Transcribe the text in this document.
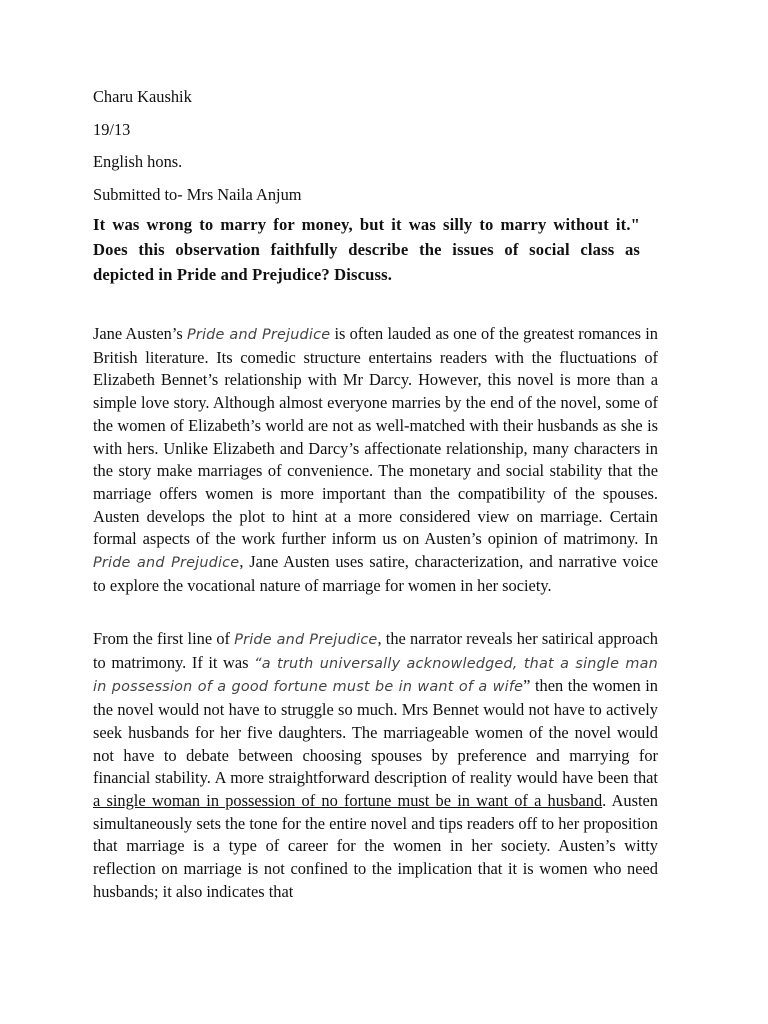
Charu Kaushik

19/13

English hons.

Submitted to- Mrs Naila Anjum

It was wrong to marry for money, but it was silly to marry without it." Does this observation faithfully describe the issues of social class as depicted in Pride and Prejudice? Discuss.

Jane Austen’s Pride and Prejudice is often lauded as one of the greatest romances in British literature. Its comedic structure entertains readers with the fluctuations of Elizabeth Bennet’s relationship with Mr Darcy. However, this novel is more than a simple love story. Although almost everyone marries by the end of the novel, some of the women of Elizabeth’s world are not as well-matched with their husbands as she is with hers. Unlike Elizabeth and Darcy’s affectionate relationship, many characters in the story make marriages of convenience. The monetary and social stability that the marriage offers women is more important than the compatibility of the spouses. Austen develops the plot to hint at a more considered view on marriage. Certain formal aspects of the work further inform us on Austen’s opinion of matrimony. In Pride and Prejudice, Jane Austen uses satire, characterization, and narrative voice to explore the vocational nature of marriage for women in her society.

From the first line of Pride and Prejudice, the narrator reveals her satirical approach to matrimony. If it was “a truth universally acknowledged, that a single man in possession of a good fortune must be in want of a wife” then the women in the novel would not have to struggle so much. Mrs Bennet would not have to actively seek husbands for her five daughters. The marriageable women of the novel would not have to debate between choosing spouses by preference and marrying for financial stability. A more straightforward description of reality would have been that a single woman in possession of no fortune must be in want of a husband. Austen simultaneously sets the tone for the entire novel and tips readers off to her proposition that marriage is a type of career for the women in her society. Austen’s witty reflection on marriage is not confined to the implication that it is women who need husbands; it also indicates that
